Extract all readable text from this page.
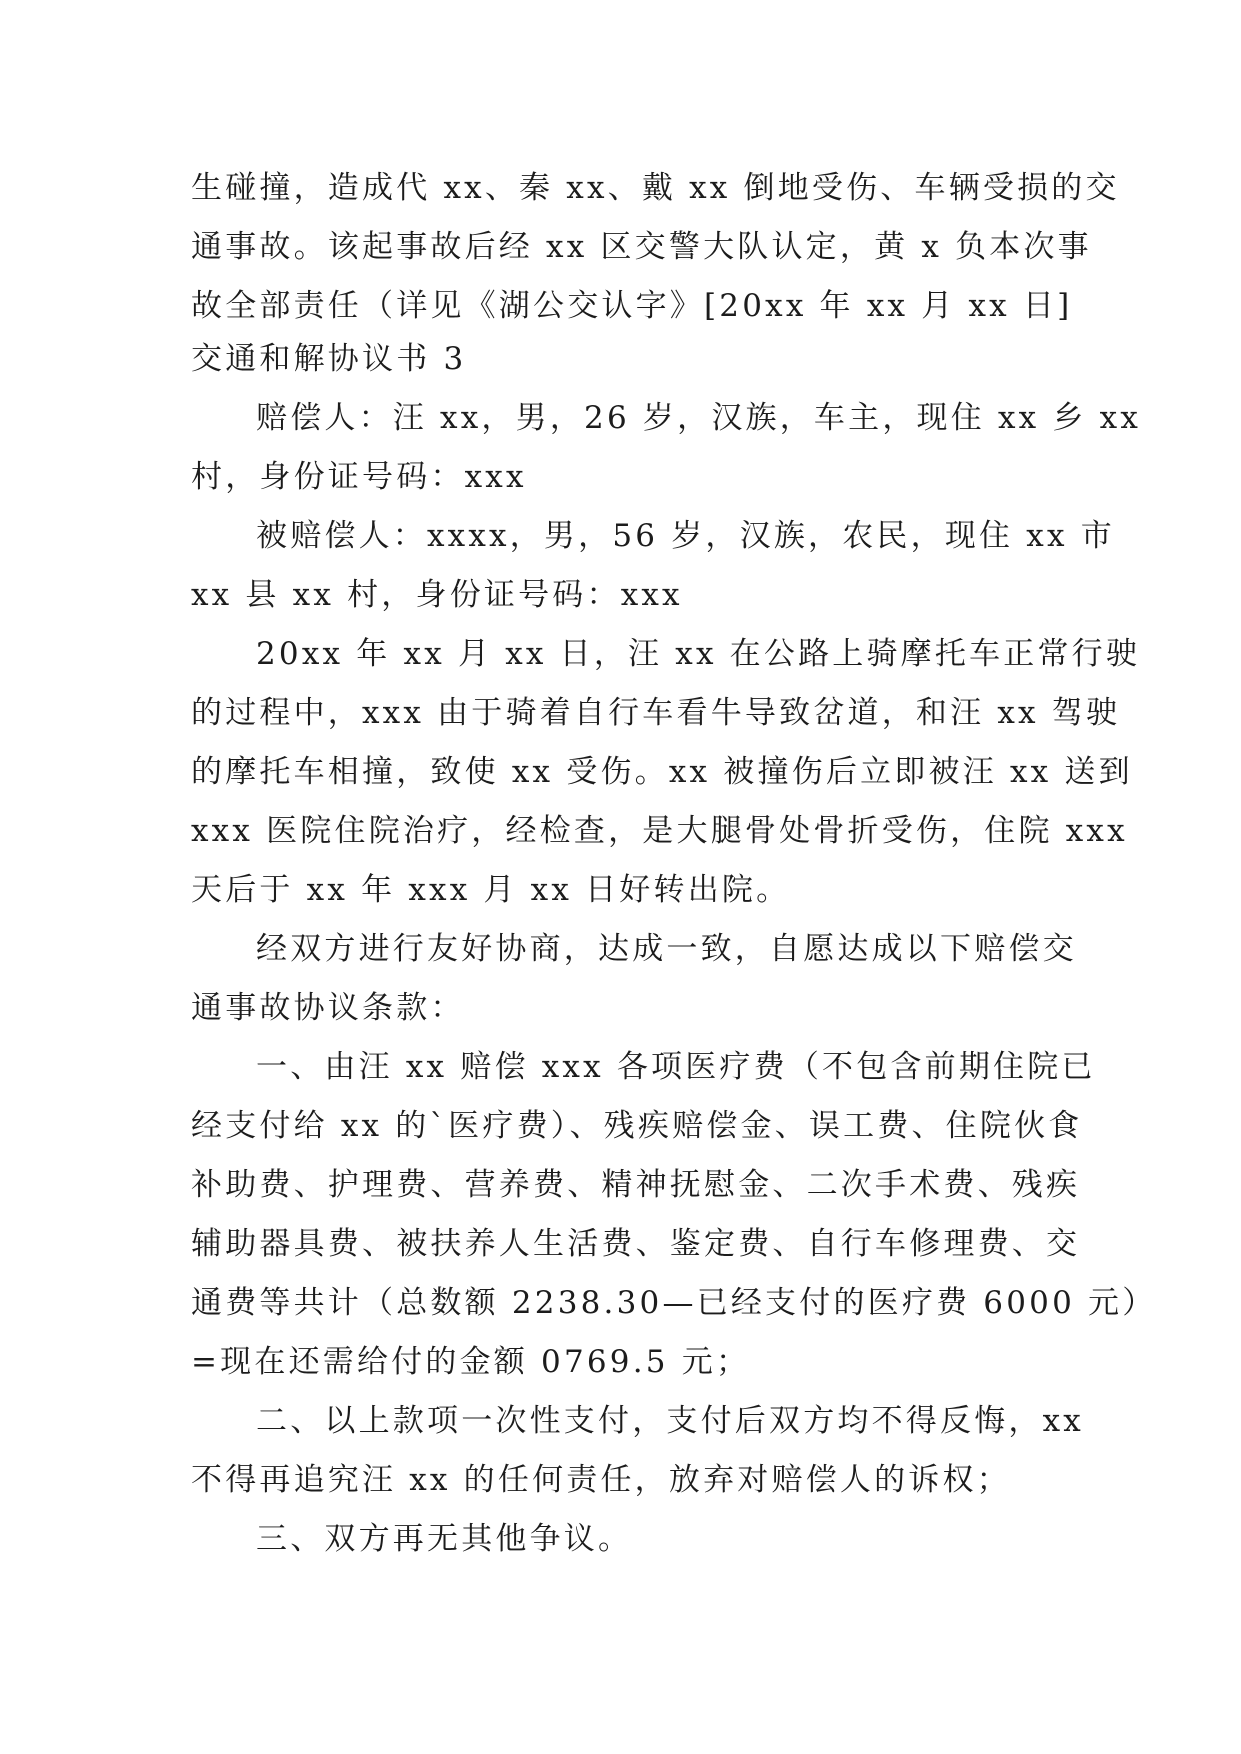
生碰撞，造成代 xx、秦 xx、戴 xx 倒地受伤、车辆受损的交
通事故。该起事故后经 xx 区交警大队认定，黄 x 负本次事
故全部责任（详见《湖公交认字》[20xx 年 xx 月 xx 日]
交通和解协议书 3
赔偿人：汪 xx，男，26 岁，汉族，车主，现住 xx 乡 xx
村，身份证号码：xxx
被赔偿人：xxxx，男，56 岁，汉族，农民，现住 xx 市
xx 县 xx 村，身份证号码：xxx
20xx 年 xx 月 xx 日，汪 xx 在公路上骑摩托车正常行驶
的过程中，xxx 由于骑着自行车看牛导致岔道，和汪 xx 驾驶
的摩托车相撞，致使 xx 受伤。xx 被撞伤后立即被汪 xx 送到
xxx 医院住院治疗，经检查，是大腿骨处骨折受伤，住院 xxx
天后于 xx 年 xxx 月 xx 日好转出院。
经双方进行友好协商，达成一致，自愿达成以下赔偿交
通事故协议条款：
一、由汪 xx 赔偿 xxx 各项医疗费（不包含前期住院已
经支付给 xx 的`医疗费）、残疾赔偿金、误工费、住院伙食
补助费、护理费、营养费、精神抚慰金、二次手术费、残疾
辅助器具费、被扶养人生活费、鉴定费、自行车修理费、交
通费等共计（总数额 2238.30—已经支付的医疗费 6000 元）
=现在还需给付的金额 0769.5 元；
二、以上款项一次性支付，支付后双方均不得反悔，xx
不得再追究汪 xx 的任何责任，放弃对赔偿人的诉权；
三、双方再无其他争议。
